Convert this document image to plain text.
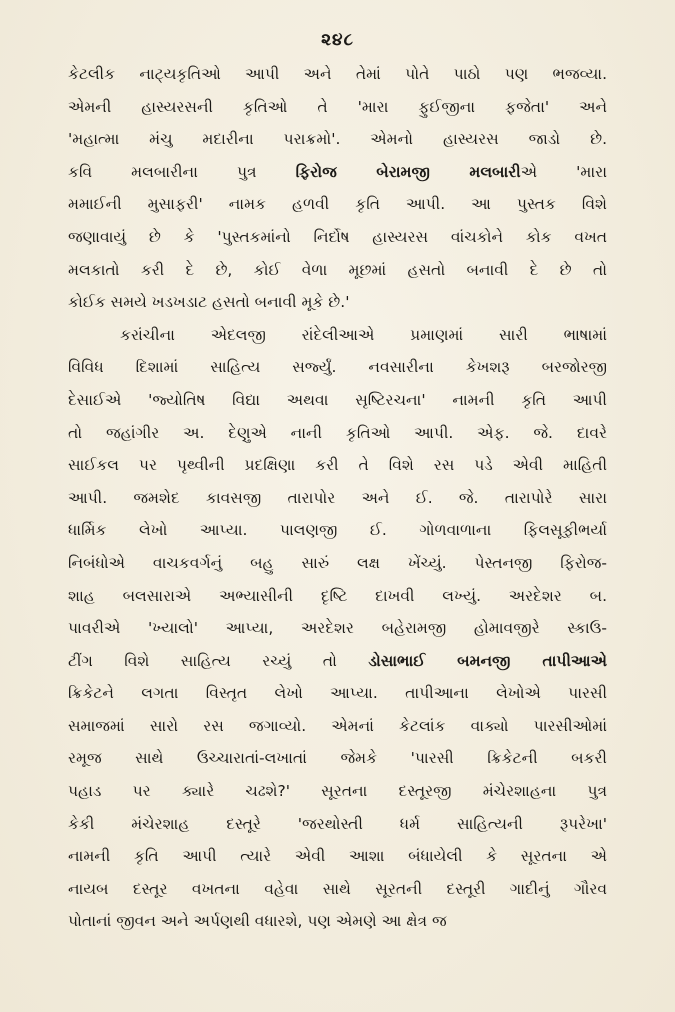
૨૪૮
કેટલીક નાટ્યકૃતિઓ આપી અને તેમાં પોતે પાઠો પણ ભજવ્યા.
એમની હાસ્યરસની કૃતિઓ તે 'મારા ફુઈજીના ફજેતા' અને
'મહાત્મા મંચુ મદારીના પરાક્રમો'. એમનો હાસ્યરસ જાડો છે.
કવિ મલબારીના પુત્ર ફિરોજ બેરામજી મલબારીએ 'મારા
મમાઈની મુસાફરી' નામક હળવી કૃતિ આપી. આ પુસ્તક વિશે
જણાવાયું છે કે 'પુસ્તકમાંનો નિર્દોષ હાસ્યરસ વાંચકોને કોક વખત
મલકાતો કરી દે છે, કોઈ વેળા મૂછમાં હસતો બનાવી દે છે તો
કોઈક સમયે ખડખડાટ હસતો બનાવી મૂકે છે.'
કરાંચીના એદલજી રાંદેલીઆએ પ્રમાણમાં સારી ભાષામાં
વિવિધ દિશામાં સાહિત્ય સર્જ્યું. નવસારીના કેખશરૂ બરજોરજી
દેસાઈએ 'જ્યોતિષ વિદ્યા અથવા સૃષ્ટિરચના' નામની કૃતિ આપી
તો જહાંગીર અ. દેણુએ નાની કૃતિઓ આપી. એફ. જે. દાવરે
સાઈકલ પર પૃથ્વીની પ્રદક્ષિણા કરી તે વિશે રસ પડે એવી માહિતી
આપી. જમશેદ કાવસજી તારાપોર અને ઈ. જે. તારાપોરે સારા
ધાર્મિક લેખો આપ્યા. પાલણજી ઈ. ગોળવાળાના ફિલસૂફીભર્યા
નિબંધોએ વાચકવર્ગનું બહુ સારું લક્ષ ખેંચ્યું. પેસ્તનજી ફિરોજ-
શાહ બલસારાએ અભ્યાસીની દૃષ્ટિ દાખવી લખ્યું. અરદેશર બ.
પાવરીએ 'ખ્યાલો' આપ્યા, અરદેશર બહેરામજી હોમાવજીરે સ્કાઉ-
ટીંગ વિશે સાહિત્ય રચ્યું તો ડોસાભાઈ બમનજી તાપીઆએ
ક્રિકેટને લગતા વિસ્તૃત લેખો આપ્યા. તાપીઆના લેખોએ પારસી
સમાજમાં સારો રસ જગાવ્યો. એમનાં કેટલાંક વાક્યો પારસીઓમાં
રમૂજ સાથે ઉચ્ચારાતાં-લખાતાં જેમકે 'પારસી ક્રિકેટની બકરી
પહાડ પર ક્યારે ચઢશે?' સૂરતના દસ્તૂરજી મંચેરશાહના પુત્ર
કેકી મંચેરશાહ દસ્તૂરે 'જરથોસ્તી ધર્મ સાહિત્યની રૂપરેખા'
નામની કૃતિ આપી ત્યારે એવી આશા બંધાયેલી કે સૂરતના એ
નાયબ દસ્તૂર વખતના વહેવા સાથે સૂરતની દસ્તૂરી ગાદીનું ગૌરવ
પોતાનાં જીવન અને અર્પણથી વધારશે, પણ એમણે આ ક્ષેત્ર જ
